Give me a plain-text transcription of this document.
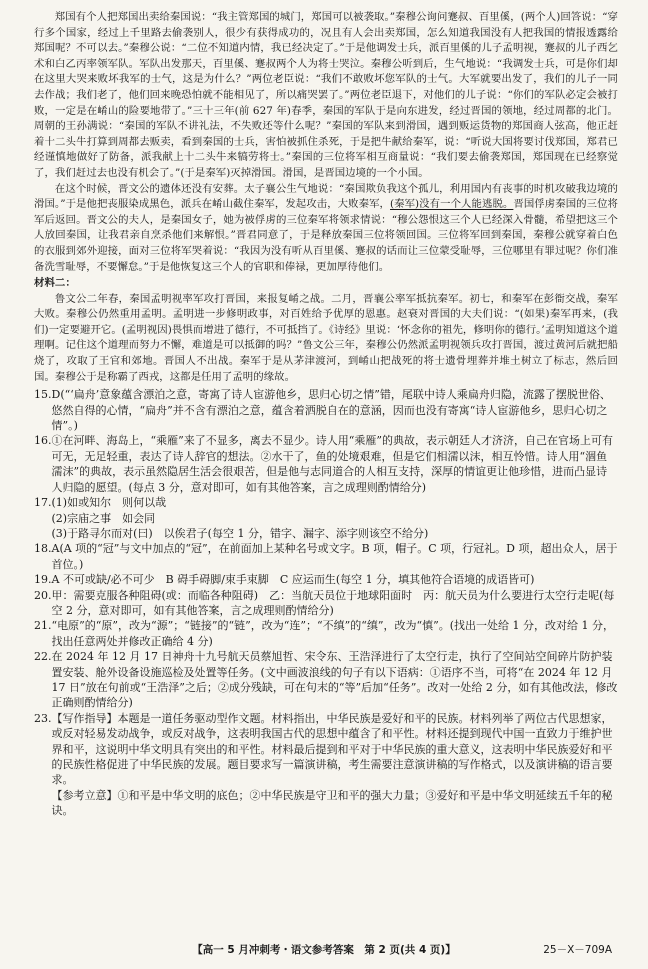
郑国有个人把郑国出卖给秦国说：“我主管郑国的城门，郑国可以被袭取。”秦穆公询问蹇叔、百里傒，(两个人)回答说：“穿行多个国家，经过上千里路去偷袭别人，很少有获得成功的，况且有人会出卖郑国，怎么知道我国没有人把我国的情报透露给郑国呢？不可以去。”秦穆公说：“二位不知道内情，我已经决定了。”于是他调发士兵，派百里傒的儿子孟明视，蹇叔的儿子西乞术和白乙丙率领军队。军队出发那天，百里傒、蹇叔两个人为将士哭泣。秦穆公听到后，生气地说：“我调发士兵，可是你们却在这里大哭来败坏我军的士气，这是为什么？”两位老臣说：“我们不敢败坏您军队的士气。大军就要出发了，我们的儿子一同去作战；我们老了，他们回来晚恐怕就不能相见了，所以痛哭罢了。”两位老臣退下，对他们的儿子说：“你们的军队必定会被打败，一定是在崤山的险要地带了。”三十三年(前 627 年)春季，秦国的军队于是向东进发，经过晋国的领地，经过周都的北门。周朝的王孙满说：“秦国的军队不讲礼法，不失败还等什么呢？”秦国的军队来到滑国，遇到贩运货物的郑国商人弦高，他正赶着十二头牛打算到周都去贩卖，看到秦国的士兵，害怕被抓住杀死，于是把牛献给秦军，说：“听说大国将要讨伐郑国，郑君已经谨慎地做好了防备，派我献上十二头牛来犒劳将士。”秦国的三位将军相互商量说：“我们要去偷袭郑国，郑国现在已经察觉了，我们赶过去也没有机会了。”(于是秦军)灭掉滑国。滑国，是晋国边境的一个小国。

在这个时候，晋文公的遗体还没有安葬。太子襄公生气地说：“秦国欺负我这个孤儿，利用国内有丧事的时机攻破我边境的滑国。”于是他把丧服染成黑色，派兵在崤山截住秦军，发起攻击，大败秦军，(秦军)没有一个人能逃脱。晋国俘虏秦国的三位将军后返回。晋文公的夫人，是秦国女子，她为被俘虏的三位秦军将领求情说：“穆公怨恨这三个人已经深入骨髓，希望把这三个人放回秦国，让我君亲自烹杀他们来解恨。”晋君同意了，于是释放秦国三位将领回国。三位将军回到秦国，秦穆公就穿着白色的衣服到郊外迎接，面对三位将军哭着说：“我因为没有听从百里傒、蹇叔的话而让三位蒙受耻辱，三位哪里有罪过呢？你们准备洗雪耻辱，不要懈怠。”于是他恢复这三个人的官职和俸禄，更加厚待他们。

材料二：

鲁文公二年春，秦国孟明视率军攻打晋国，来报复崤之战。二月，晋襄公率军抵抗秦军。初七，和秦军在彭衙交战，秦军大败。秦穆公仍然重用孟明。孟明进一步修明政事，对百姓给予优厚的恩惠。赵衰对晋国的大夫们说：“(如果)秦军再来，(我们)一定要避开它。(孟明视因)畏惧而增进了德行，不可抵挡了。《诗经》里说：‘怀念你的祖先，修明你的德行。’孟明知道这个道理啊。记住这个道理而努力不懈，难道是可以抵御的吗？”鲁文公三年，秦穆公仍然派孟明视领兵攻打晋国，渡过黄河后就把船烧了，攻取了王官和郊地。晋国人不出战。秦军于是从茅津渡河，到崤山把战死的将士遗骨埋葬并堆土树立了标志，然后回国。秦穆公于是称霸了西戎，这都是任用了孟明的缘故。

15. D(“‘扁舟’意象蕴含漂泊之意，寄寓了诗人宦游他乡，思归心切之情”错，尾联中诗人乘扁舟归隐，流露了摆脱世俗、悠然自得的心情，“扁舟”并不含有漂泊之意，蕴含着洒脱自在的意涵，因而也没有寄寓“诗人宦游他乡，思归心切之情”。)
16. ①在河畔、海岛上，“乘雁”来了不显多，离去不显少。诗人用“乘雁”的典故，表示朝廷人才济济，自己在官场上可有可无，无足轻重，表达了诗人辞官的想法。②水干了，鱼的处境艰难，但是它们相濡以沫，相互怜惜。诗人用“涸鱼濡沫”的典故，表示虽然隐居生活会很艰苦，但是他与志同道合的人相互支持，深厚的情谊更让他珍惜，进而凸显诗人归隐的愿望。(每点 3 分，意对即可，如有其他答案，言之成理则酌情给分)
17. (1)如或知尔　则何以哉
(2)宗庙之事　如会同
(3)于路寻尔而对(曰)　以俟君子(每空 1 分，错字、漏字、添字则该空不给分)
18. A(A 项的“冠”与文中加点的“冠”，在前面加上某种名号或文字。B 项，帽子。C 项，行冠礼。D 项，超出众人，居于首位。)
19. A 不可或缺/必不可少　B 碍手碍脚/束手束脚　C 应运而生(每空 1 分，填其他符合语境的成语皆可)
20. 甲：需要克服各种阻碍(或：而临各种阻碍)　乙：当航天员位于地球阳面时　丙：航天员为什么要进行太空行走呢(每空 2 分，意对即可，如有其他答案，言之成理则酌情给分)
21. “电原”的“原”，改为“源”；“链接”的“链”，改为“连”；“不缜”的“缜”，改为“慎”。(找出一处给 1 分，改对给 1 分，找出任意两处并修改正确给 4 分)
22. 在 2024 年 12 月 17 日神舟十九号航天员蔡旭哲、宋令东、王浩泽进行了太空行走，执行了空间站空间碎片防护装置安装、舱外设备设施巡检及处置等任务。(文中画波浪线的句子有以下语病：①语序不当，可将“在 2024 年 12 月 17 日”放在句前或“王浩泽”之后；②成分残缺，可在句末的“等”后加“任务”。改对一处给 2 分，如有其他改法，修改正确则酌情给分)
23. 【写作指导】本题是一道任务驱动型作文题。材料指出，中华民族是爱好和平的民族。材料列举了两位古代思想家，或反对轻易发动战争，或反对战争，这表明我国古代的思想中蕴含了和平性。材料还提到现代中国一直致力于维护世界和平，这说明中华文明具有突出的和平性。材料最后提到和平对于中华民族的重大意义，这表明中华民族爱好和平的民族性格促进了中华民族的发展。题目要求写一篇演讲稿，考生需要注意演讲稿的写作格式，以及演讲稿的语言要求。
【参考立意】①和平是中华文明的底色；②中华民族是守卫和平的强大力量；③爱好和平是中华文明延续五千年的秘诀。
【高一 5 月冲刺考・语文参考答案　第 2 页(共 4 页)】	25－X－709A
